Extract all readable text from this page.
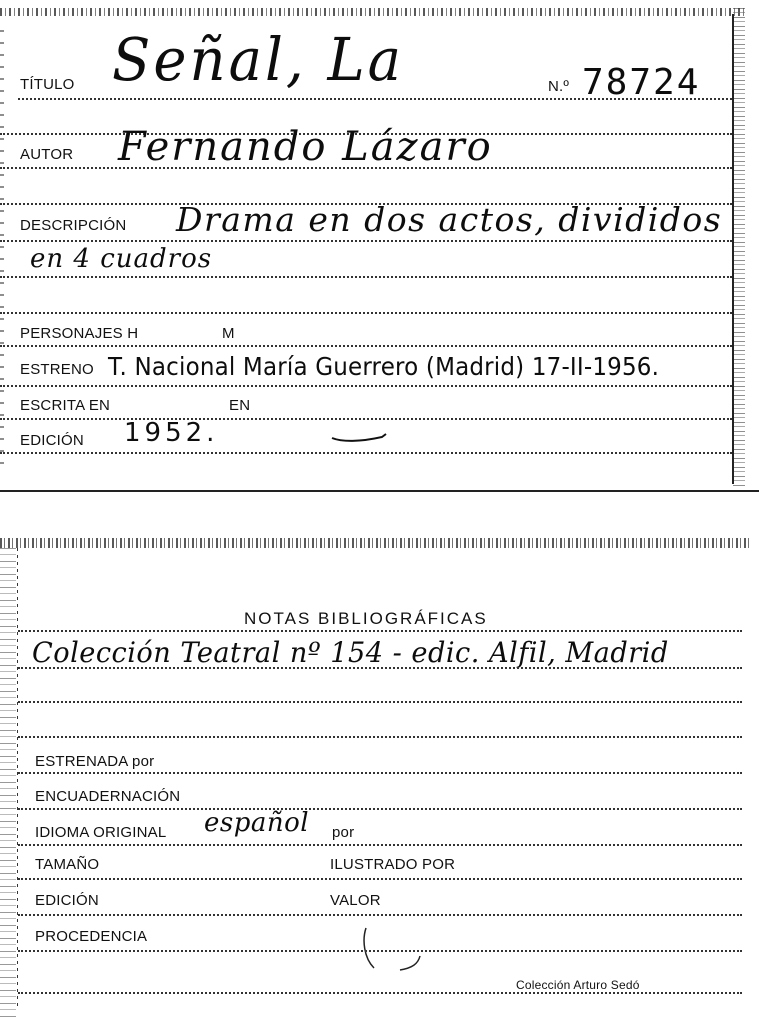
TÍTULO Señal, La	N.º 78724
AUTOR Fernando Lázaro
DESCRIPCIÓN Drama en dos actos, divididos
en 4 cuadros
PERSONAJES H	M
ESTRENO T. Nacional María Guerrero (Madrid) 17-II-1956.
ESCRITA EN	EN
EDICIÓN 1952.
NOTAS BIBLIOGRÁFICAS
Colección Teatral nº 154 - edic. Alfil, Madrid
ESTRENADA por
ENCUADERNACIÓN
IDIOMA ORIGINAL español por
TAMAÑO	ILUSTRADO POR
EDICIÓN	VALOR
PROCEDENCIA
Colección Arturo Sedó
